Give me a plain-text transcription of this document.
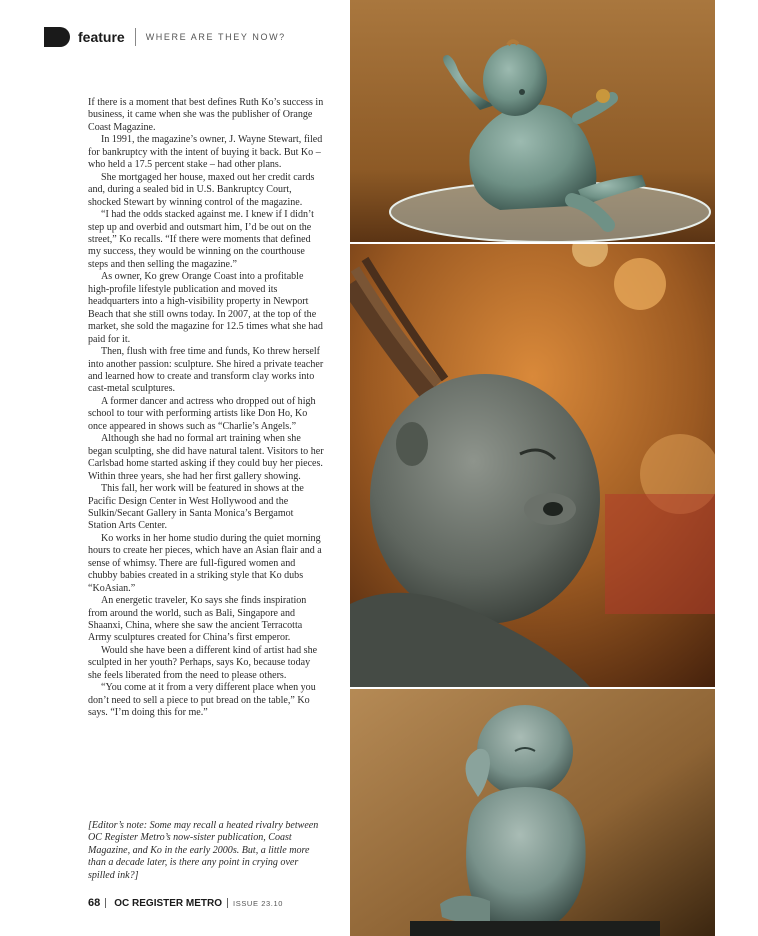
feature WHERE ARE THEY NOW?

If there is a moment that best defines Ruth Ko’s success in business, it came when she was the publisher of Orange Coast Magazine.

In 1991, the magazine’s owner, J. Wayne Stewart, filed for bankruptcy with the intent of buying it back. But Ko – who held a 17.5 percent stake – had other plans.

She mortgaged her house, maxed out her credit cards and, during a sealed bid in U.S. Bankruptcy Court, shocked Stewart by winning control of the magazine.

“I had the odds stacked against me. I knew if I didn’t step up and overbid and outsmart him, I’d be out on the street,” Ko recalls. “If there were moments that defined my success, they would be winning on the courthouse steps and then selling the magazine.”

As owner, Ko grew Orange Coast into a profitable high-profile lifestyle publication and moved its headquarters into a high-visibility property in Newport Beach that she still owns today. In 2007, at the top of the market, she sold the magazine for 12.5 times what she had paid for it.

Then, flush with free time and funds, Ko threw herself into another passion: sculpture. She hired a private teacher and learned how to create and transform clay works into cast-metal sculptures.

A former dancer and actress who dropped out of high school to tour with performing artists like Don Ho, Ko once appeared in shows such as “Charlie’s Angels.”

Although she had no formal art training when she began sculpting, she did have natural talent. Visitors to her Carlsbad home started asking if they could buy her pieces. Within three years, she had her first gallery showing.

This fall, her work will be featured in shows at the Pacific Design Center in West Hollywood and the Sulkin/Secant Gallery in Santa Monica’s Bergamot Station Arts Center.

Ko works in her home studio during the quiet morning hours to create her pieces, which have an Asian flair and a sense of whimsy. There are full-figured women and chubby babies created in a striking style that Ko dubs “KoAsian.”

An energetic traveler, Ko says she finds inspiration from around the world, such as Bali, Singapore and Shaanxi, China, where she saw the ancient Terracotta Army sculptures created for China’s first emperor.

Would she have been a different kind of artist had she sculpted in her youth? Perhaps, says Ko, because today she feels liberated from the need to please others.

“You come at it from a very different place when you don’t need to sell a piece to put bread on the table,” Ko says. “I’m doing this for me.”

[Editor’s note: Some may recall a heated rivalry between OC Register Metro’s now-sister publication, Coast Magazine, and Ko in the early 2000s. But, a little more than a decade later, is there any point in crying over spilled ink?]
68 OC REGISTER METRO ISSUE 23.10
